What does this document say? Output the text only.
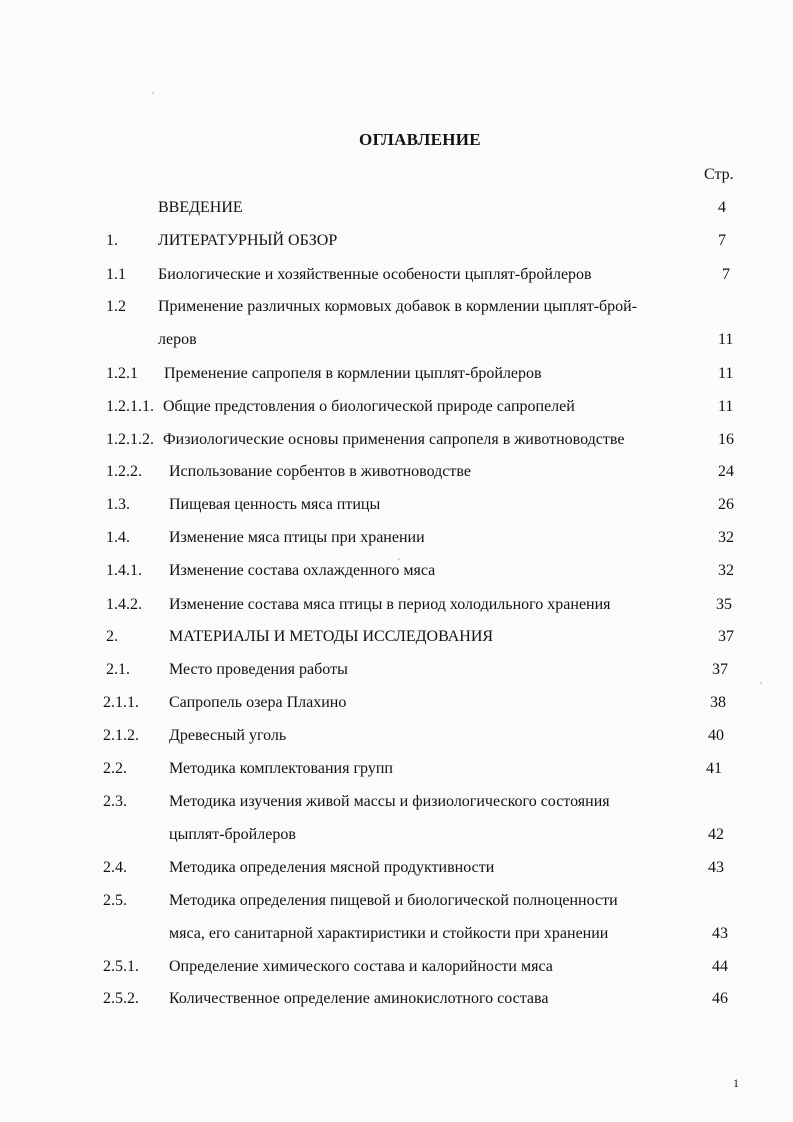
ОГЛАВЛЕНИЕ
Стр.
ВВЕДЕНИЕ	4
1.	ЛИТЕРАТУРНЫЙ ОБЗОР	7
1.1 Биологические и хозяйственные особености цыплят-бройлеров	7
1.2 Применение различных кормовых добавок в кормлении цыплят-брой-
леров	11
1.2.1 Пременение сапропеля в кормлении цыплят-бройлеров	11
1.2.1.1. Общие предстовления о биологической природе сапропелей	11
1.2.1.2. Физиологические основы применения сапропеля в животноводстве	16
1.2.2. Использование сорбентов в животноводстве	24
1.3. Пищевая ценность мяса птицы	26
1.4. Изменение мяса птицы при хранении	32
1.4.1. Изменение состава охлажденного мяса	32
1.4.2. Изменение состава мяса птицы в период холодильного хранения	35
2.	МАТЕРИАЛЫ И МЕТОДЫ ИССЛЕДОВАНИЯ	37
2.1. Место проведения работы	37
2.1.1. Сапропель озера Плахино	38
2.1.2. Древесный уголь	40
2.2.	Методика комплектования групп	41
2.3.	Методика изучения живой массы и физиологического состояния
цыплят-бройлеров	42
2.4.	Методика определения мясной продуктивности	43
2.5.	Методика определения пищевой и биологической полноценности
мяса, его санитарной характиристики и стойкости при хранении	43
2.5.1. Определение химического состава и калорийности мяса	44
2.5.2. Количественное определение аминокислотного состава	46
1
